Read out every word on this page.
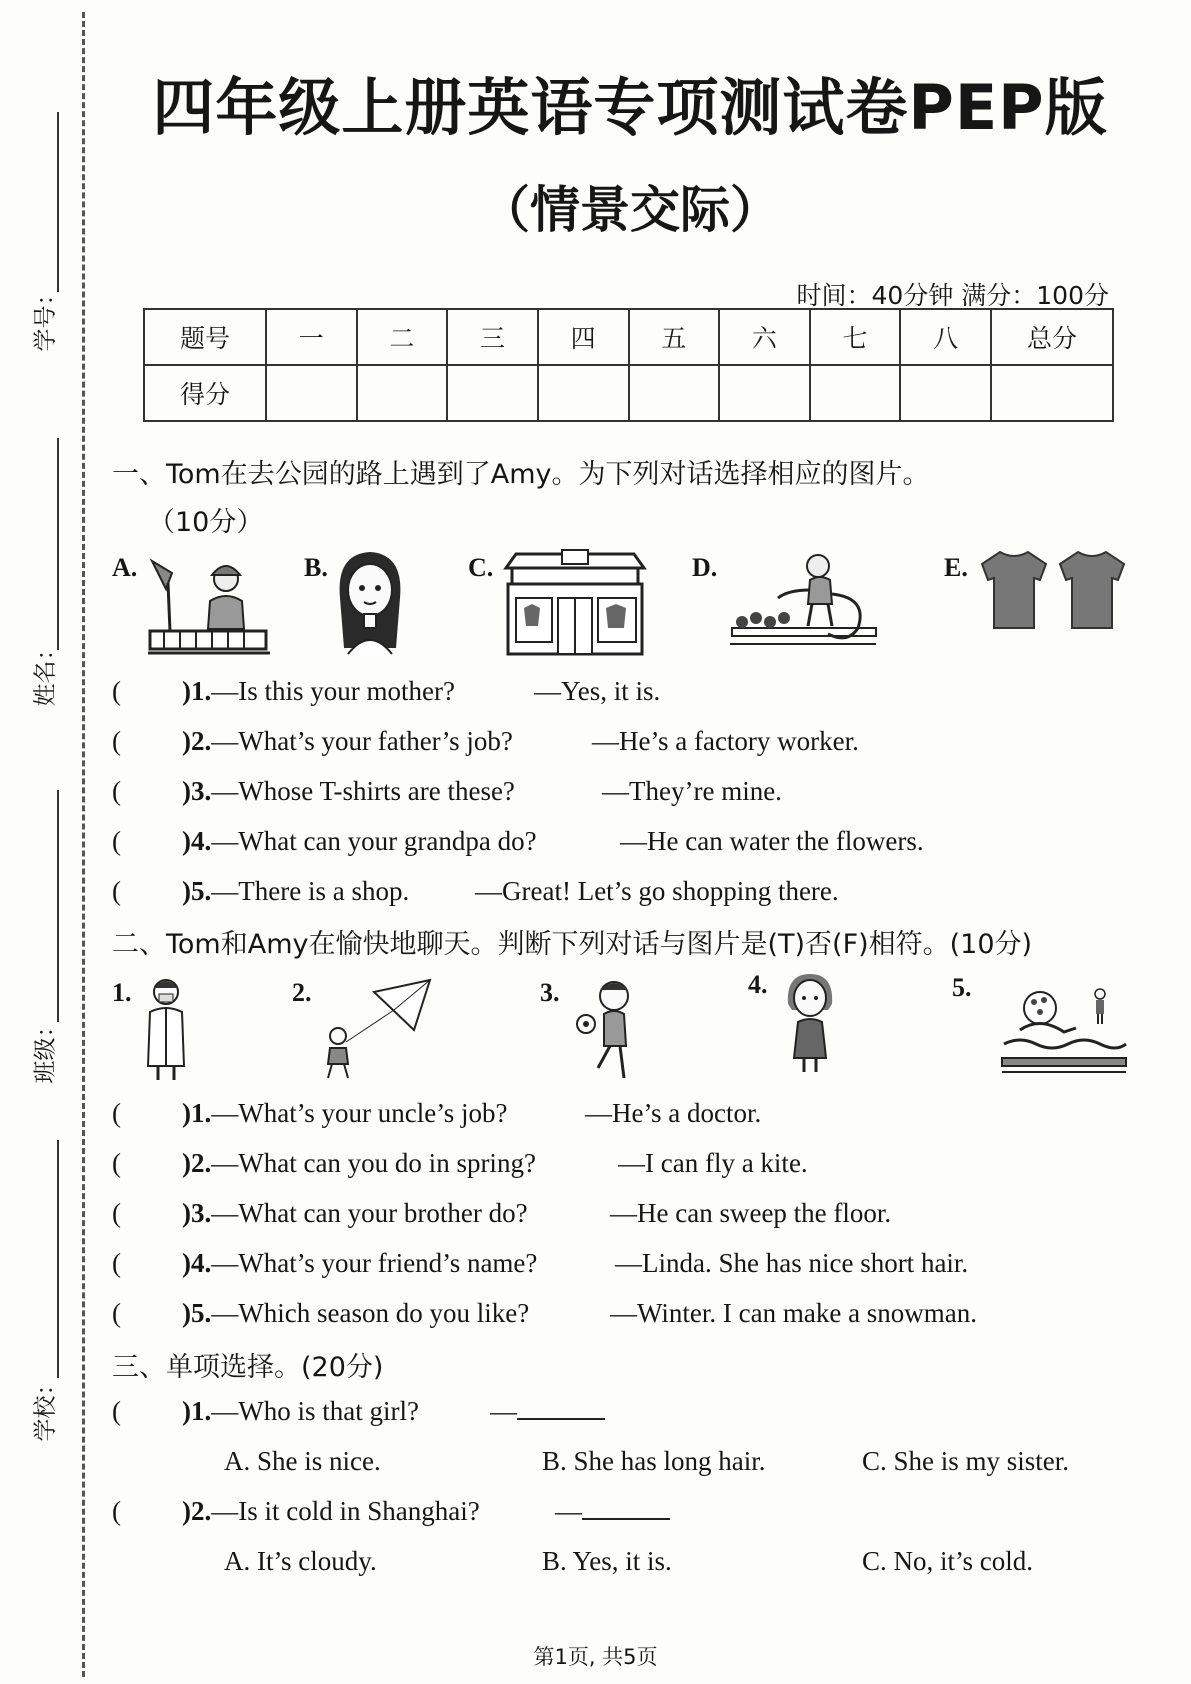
学号：
姓名：
班级：
学校：
四年级上册英语专项测试卷PEP版
（情景交际）
时间：40分钟 满分：100分
题号	一	二	三	四	五	六	七	八	总分
得分									
一、Tom在去公园的路上遇到了Amy。为下列对话选择相应的图片。
（10分）
A.	B.	C.	D.	E.
( )1.—Is this your mother?	—Yes, it is.
( )2.—What’s your father’s job?	—He’s a factory worker.
( )3.—Whose T-shirts are these?	—They’re mine.
( )4.—What can your grandpa do?	—He can water the flowers.
( )5.—There is a shop. —Great! Let’s go shopping there.
二、Tom和Amy在愉快地聊天。判断下列对话与图片是(T)否(F)相符。(10分)
1.	2.	3.	4.	5.
( )1.—What’s your uncle’s job?	—He’s a doctor.
( )2.—What can you do in spring?	—I can fly a kite.
( )3.—What can your brother do?	—He can sweep the floor.
( )4.—What’s your friend’s name?	—Linda. She has nice short hair.
( )5.—Which season do you like?	—Winter. I can make a snowman.
三、单项选择。(20分)
( )1.—Who is that girl?	—
A. She is nice.	B. She has long hair.	C. She is my sister.
( )2.—Is it cold in Shanghai?	—
A. It’s cloudy.	B. Yes, it is.	C. No, it’s cold.
第1页, 共5页
